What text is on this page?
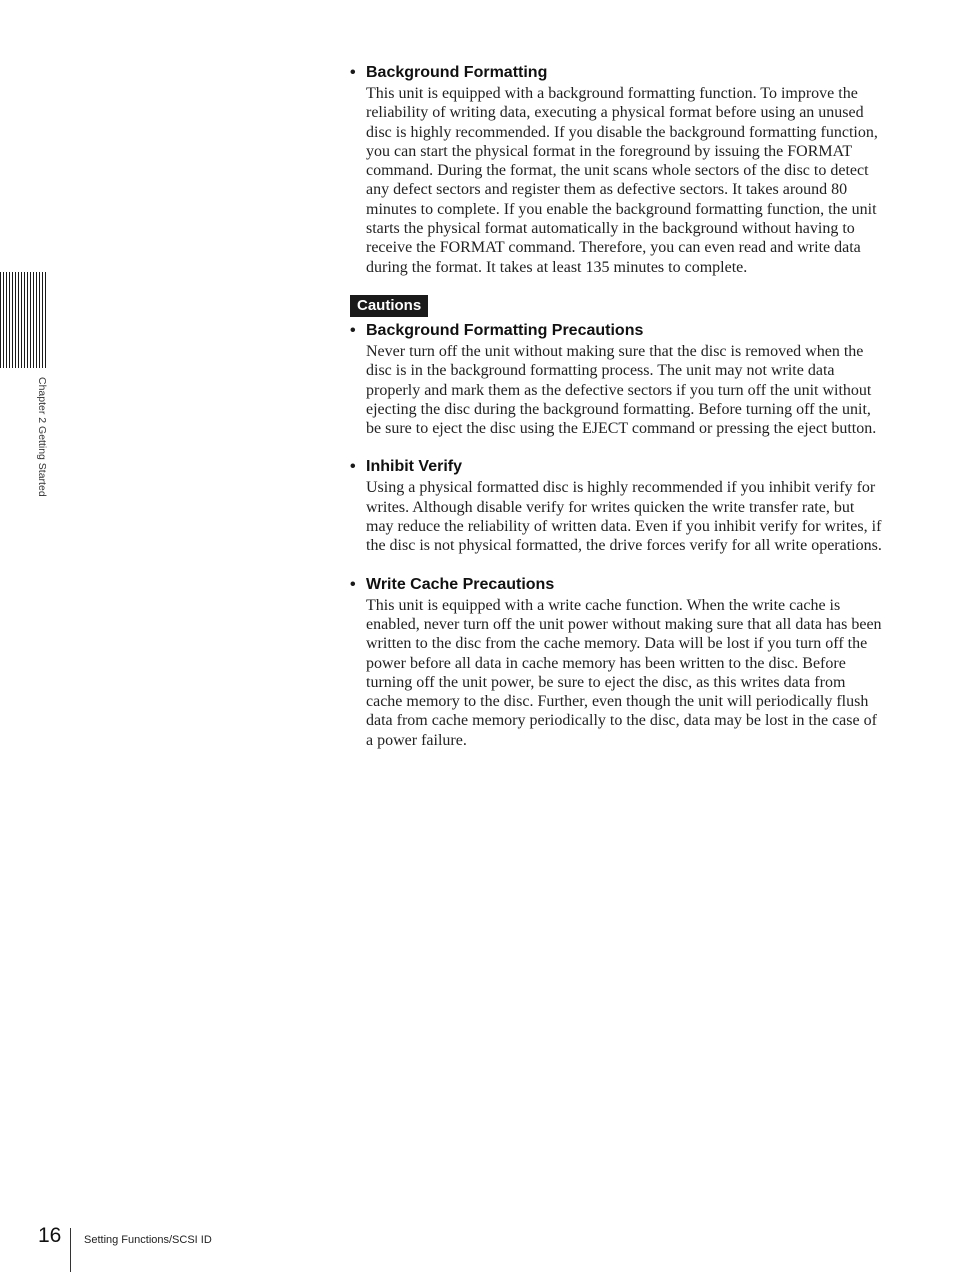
Chapter 2 Getting Started
• Background Formatting

This unit is equipped with a background formatting function. To improve the reliability of writing data, executing a physical format before using an unused disc is highly recommended. If you disable the background formatting function, you can start the physical format in the foreground by issuing the FORMAT command. During the format, the unit scans whole sectors of the disc to detect any defect sectors and register them as defective sectors. It takes around 80 minutes to complete. If you enable the background formatting function, the unit starts the physical format automatically in the background without having to receive the FORMAT command. Therefore, you can even read and write data during the format. It takes at least 135 minutes to complete.

Cautions
• Background Formatting Precautions

Never turn off the unit without making sure that the disc is removed when the disc is in the background formatting process. The unit may not write data properly and mark them as the defective sectors if you turn off the unit without ejecting the disc during the background formatting. Before turning off the unit, be sure to eject the disc using the EJECT command or pressing the eject button.

• Inhibit Verify

Using a physical formatted disc is highly recommended if you inhibit verify for writes. Although disable verify for writes quicken the write transfer rate, but may reduce the reliability of written data. Even if you inhibit verify for writes, if the disc is not physical formatted, the drive forces verify for all write operations.

• Write Cache Precautions

This unit is equipped with a write cache function. When the write cache is enabled, never turn off the unit power without making sure that all data has been written to the disc from the cache memory. Data will be lost if you turn off the power before all data in cache memory has been written to the disc. Before turning off the unit power, be sure to eject the disc, as this writes data from cache memory to the disc. Further, even though the unit will periodically flush data from cache memory periodically to the disc, data may be lost in the case of a power failure.

16 Setting Functions/SCSI ID
